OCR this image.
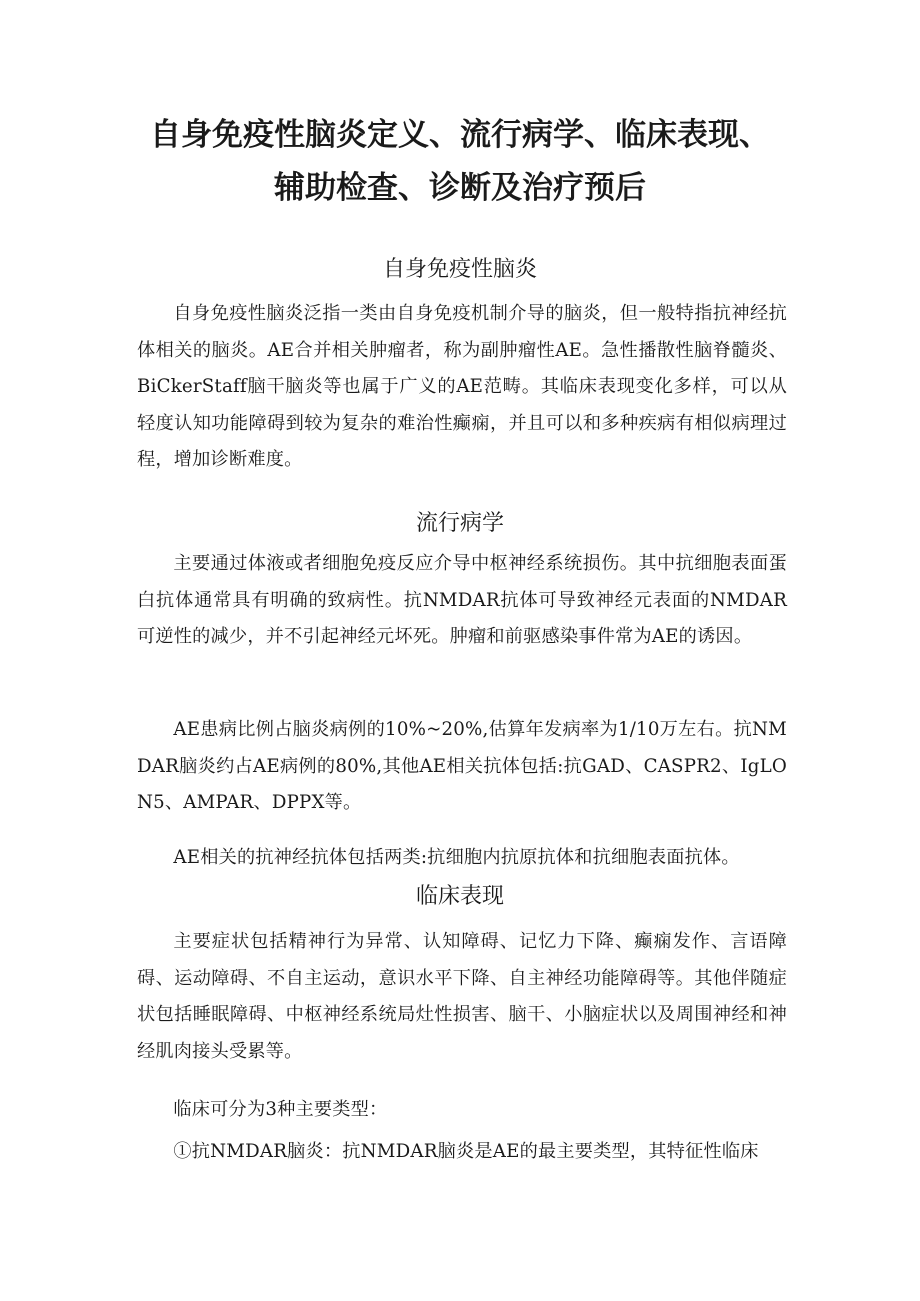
自身免疫性脑炎定义、流行病学、临床表现、
辅助检查、诊断及治疗预后
自身免疫性脑炎

自身免疫性脑炎泛指一类由自身免疫机制介导的脑炎，但一般特指抗神经抗体相关的脑炎。AE合并相关肿瘤者，称为副肿瘤性AE。急性播散性脑脊髓炎、BiCkerStaff脑干脑炎等也属于广义的AE范畴。其临床表现变化多样，可以从轻度认知功能障碍到较为复杂的难治性癫痫，并且可以和多种疾病有相似病理过程，增加诊断难度。

流行病学

主要通过体液或者细胞免疫反应介导中枢神经系统损伤。其中抗细胞表面蛋白抗体通常具有明确的致病性。抗NMDAR抗体可导致神经元表面的NMDAR可逆性的减少，并不引起神经元坏死。肿瘤和前驱感染事件常为AE的诱因。

AE患病比例占脑炎病例的10%~20%,估算年发病率为1/10万左右。抗NMDAR脑炎约占AE病例的80%,其他AE相关抗体包括:抗GAD、CASPR2、IgLON5、AMPAR、DPPX等。

AE相关的抗神经抗体包括两类:抗细胞内抗原抗体和抗细胞表面抗体。

临床表现

主要症状包括精神行为异常、认知障碍、记忆力下降、癫痫发作、言语障碍、运动障碍、不自主运动，意识水平下降、自主神经功能障碍等。其他伴随症状包括睡眠障碍、中枢神经系统局灶性损害、脑干、小脑症状以及周围神经和神经肌肉接头受累等。

临床可分为3种主要类型：

①抗NMDAR脑炎：抗NMDAR脑炎是AE的最主要类型，其特征性临床
